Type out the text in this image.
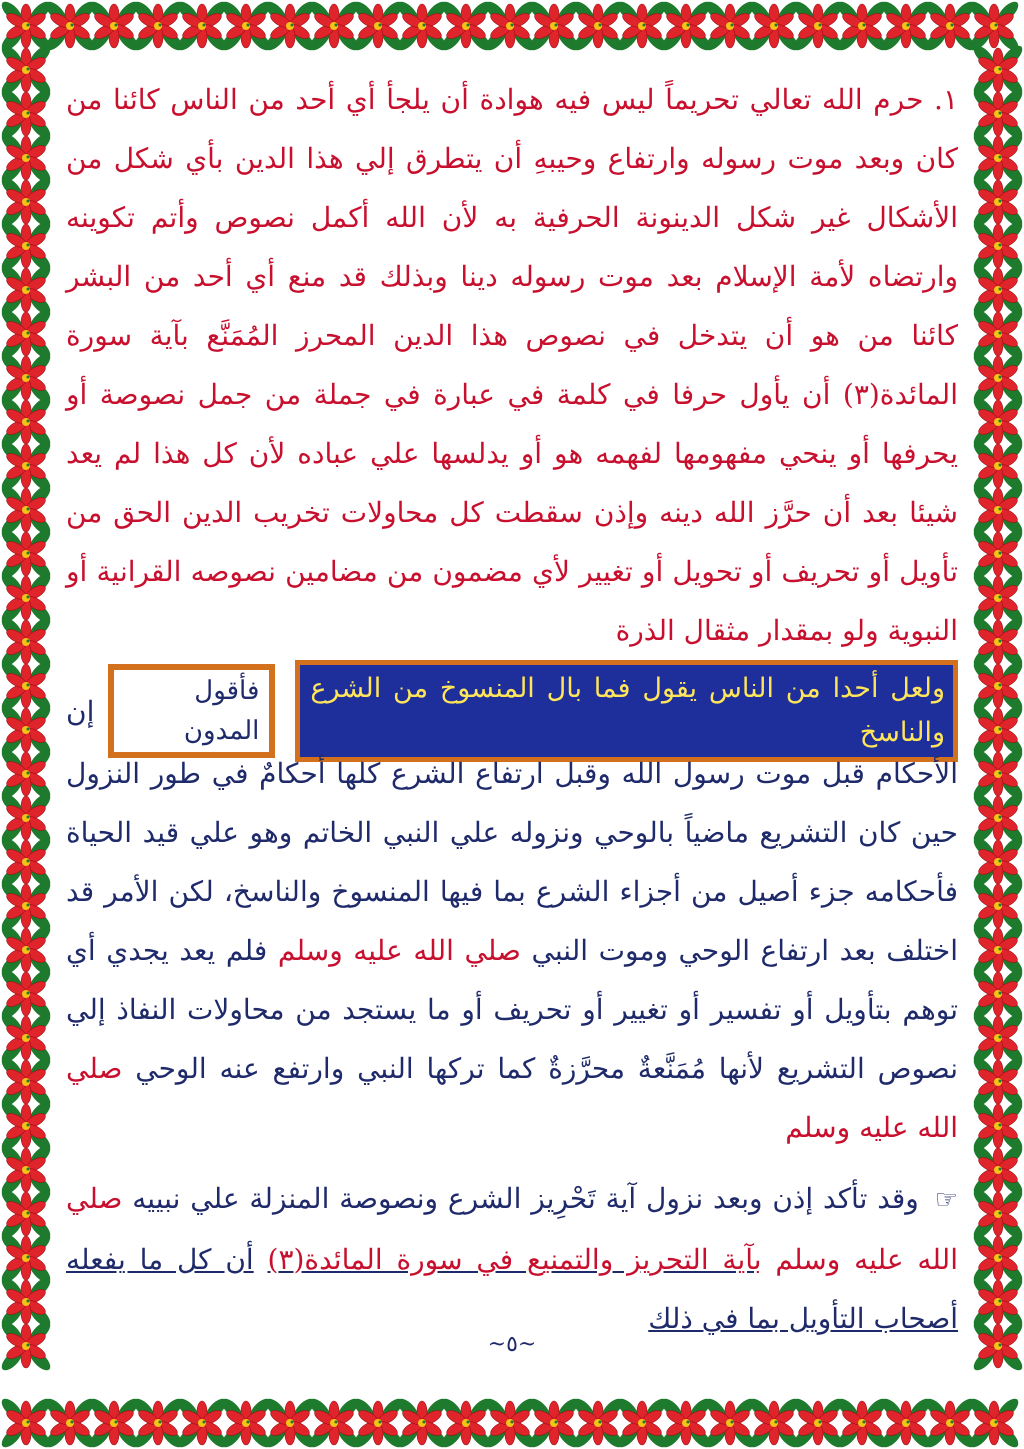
١. حرم الله تعالي تحريماً ليس فيه هوادة أن يلجأ أي أحد من الناس كائنا من كان وبعد موت رسوله وارتفاع وحيبهِ أن يتطرق إلي هذا الدين بأي شكل من الأشكال غير شكل الدينونة الحرفية به لأن الله أكمل نصوص وأتم تكوينه وارتضاه لأمة الإسلام بعد موت رسوله دينا وبذلك قد منع أي أحد من البشر كائنا من هو أن يتدخل في نصوص هذا الدين المحرز المُمَنَّع بآية سورة المائدة(٣) أن يأول حرفا في كلمة في عبارة في جملة من جمل نصوصة أو يحرفها أو ينحي مفهومها لفهمه هو أو يدلسها علي عباده لأن كل هذا لم يعد شيئا بعد أن حرَّز الله دينه وإذن سقطت كل محاولات تخريب الدين الحق من تأويل أو تحريف أو تحويل أو تغيير لأي مضمون من مضامين نصوصه القرانية أو النبوية ولو بمقدار مثقال الذرة

ولعل أحدا من الناس يقول فما بال المنسوخ من الشرع والناسخ
فأقول المدون
إن

الأحكام قبل موت رسول الله وقبل ارتفاع الشرع كلها أحكامٌ في طور النزول حين كان التشريع ماضياً بالوحي ونزوله علي النبي الخاتم وهو علي قيد الحياة فأحكامه جزء أصيل من أجزاء الشرع بما فيها المنسوخ والناسخ، لكن الأمر قد اختلف بعد ارتفاع الوحي وموت النبي صلي الله عليه وسلم فلم يعد يجدي أي توهم بتأويل أو تفسير أو تغيير أو تحريف أو ما يستجد من محاولات النفاذ إلي نصوص التشريع لأنها مُمَنَّعةٌ محرَّزةٌ كما تركها النبي وارتفع عنه الوحي صلي الله عليه وسلم

☞ وقد تأكد إذن وبعد نزول آية تَحْرِيز الشرع ونصوصة المنزلة علي نبييه صلي الله عليه وسلم بآية التحريز والتمنيع في سورة المائدة(٣) أن كل ما يفعله أصحاب التأويل بما في ذلك

~٥~
